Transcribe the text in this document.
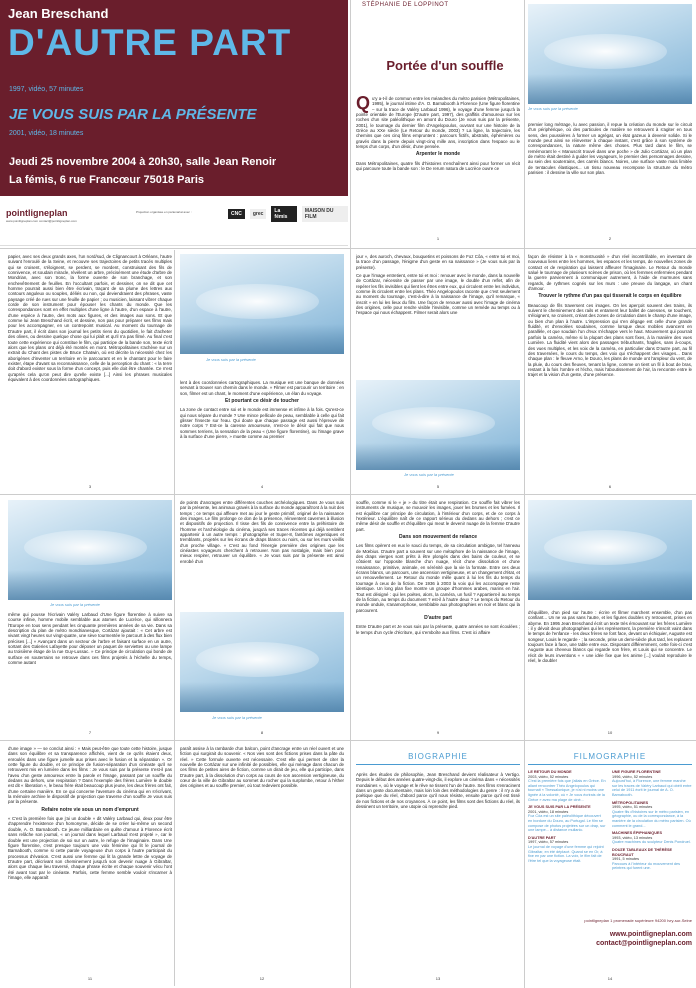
Jean Breschand
D'AUTRE PART
1997, vidéo, 57 minutes
JE VOUS SUIS PAR LA PRÉSENTE
2001, vidéo, 18 minutes
Jeudi 25 novembre 2004 à 20h30, salle Jean Renoir
La fémis, 6 rue Francœur 75018 Paris
pointligneplan
www.pointligneplan.com contact@pointligneplan.com
Projection organisée en partenariat avec :	CNC	grec	La fémis
MAISON DU FILM
STÉPHANIE DE LOPPINOT
Portée d'un souffle

Qu'y a-t-il de commun entre les méandres du métro parisien (Métropolitaines, 1995), le journal intime d'A. O. Barnabooth à Florence (Une figure florentine – sur la trace de Valéry Larbaud 1996), le voyage d'une femme jusqu'à la pointe orientale de l'Europe (D'autre part, 1997), des graffitis d'amoureux sur les roches d'un site paléolithique en amont du Douro (Je vous suis par la présente, 2001), le tournage du dernier film d'Angelopoulos, ouvrant sur une histoire de la Grèce au XXe siècle (Le Retour du monde, 2003) ? La ligne, la trajectoire, les chemins que ces cinq films empruntent : parcours fictifs, abstraits, éphémères ou gravés dans la pierre depuis vingt-cinq mille ans, inscription dans l'espace ou le temps d'un corps, d'un désir, d'une pensée.

Arpenter le monde

Dans Métropolitaines, quatre fils d'histoires s'enchaînent ainsi pour former un récit qui parcoure toute la bande son : le De rerum natura de Lucrèce ouvre ce

1
Je vous suis par la présente

premier long métrage, lu avec passion, il repue la création du monde sur le circuit d'un périphérique, où des particules de matière se retrouvent à s'agiter en tous sens, des poussières à former un agrégat, un état gazeux à devenir solide. Si le monde peut ainsi se réinventer à chaque instant, c'est grâce à son système de correspondances, la nature même des choses. Plus tard dans le film, se remémorant le « Manuscrit trouvé dans une poche » de Julio Cortázar, où un plan de métro était destiné à guider les voyageurs, le premier des personnages dessine, au sein des souterrains, des carrés blancs. Noires, une surface vaste mais limitée de tentacules élastiques... un tissu nouveau recompose la structure du métro parisien : il dessine la ville sur son plan.

2

papier, avec ses deux grands axes, l'un nord/sud, de Clignancourt à Orléans, l'autre suivant l'enroulé de la Seine, et recouvre ses trajectoires de petits tracés multiples qui se croisent, s'éloignent, se perdent, se mordent, construisant des fils de connivence, et soudain miracle, révèlent un arbre, précisément une étude d'arbre de Mondrian, avec son tronc, la forme ouverte de son branchage, et son enchevêtrement de feuilles. En l'occultant parfois, et dessiner, on se dit que cet homme pourrait aussi bien être écrivain, traçant de sa plume des lettres aux contours anguleux ou souples, déliés ou non, qui deviendraient des phrases, vaste paysage créé de rues sur une feuille de papier ; ou musicien, laissant vibrer chaque corde de son instrument pour épouser les chants du monde. Que les correspondances sont en effet multiples d'une ligne à l'autre, d'un espace à l'autre, d'une espèce à l'autre, des mots aux figures, et des images aux sons. Et que comme lui Jean Breschand écrit, et dessine, non pas pour préparer ses films mais pour les accompagner, en un contrepoint musical. Au moment du tournage de D'autre part, il écrit dans son journal les petits riens du quotidien, le fait d'acheter des olives, ou dessine quelque chose qui lui plaît et qu'il n'a pas filmé. Au final c'est toute cette expérience qui constitue le film, qui participe de la bande son, texte écrit alors que les plans ont déjà été montés en mont. Métropolitaines s'achève sur un extrait du Chant des pistes de Bruce Chatwin, où est décrite la nécessité chez les aborigènes d'inventer un territoire en le parcourant et en le chantant pour le faire exister, étape d'avant sa reconnaissance, celle de la perception du chant : « la terre doit d'abord exister sous la forme d'un concept, puis elle doit être chantée. Ce n'est qu'après cela qu'on peut dire qu'elle existe [...] Ainsi les phrases musicales équivalent à des coordonnées cartographiques.

3
Je vous suis par la présente

lent à des coordonnées cartographiques. La musique est une banque de données servant à trouver son chemin dans le monde. » Filmer est parcourir un territoire : en son, filmer est un chant, le moment d'une expérience, un élan du voyage.

Et pourtant ce désir de toucher

La zone de contact entre soi et le monde est immense et infime à la fois. Qu'est-ce qui nous sépare du monde ? Une mince pellicule de peau, semblable à celle qui fait glisser l'insecte sur l'eau. Qui doute que chaque passage est aussi l'épreuve de notre corps ? Est-ce la caresse amoureuse, n'est-ce le désir qui fait que nous sommes terriens, la sensation de la peau « (Une figure florentine), ou l'image grave à la surface d'une pierre, » muette comme au premier

4

jour », des auroch, chevaux, bouquetins et poissons de Foz Côa, « entre toi et moi, la trace d'un passage, l'énigme d'un geste en sa naissance » (Je vous suis par la présente).

Ce que l'image entretient, entre toi et moi : renouer avec le monde, dans la nouvelle de Cortázar, nécessite de passer par une image, le double d'un reflet, afin de repérer les fils invisibles qui lient les êtres entre eux, qui circulent entre les individus, comme ils circulent entre les plans. Théo Angelopoulos raconte que c'est seulement au moment du tournage, c'est-à-dire à la naissance de l'image, qu'il remarque, « inscrit » en lui les lieux du film. Une façon de renouer aussi avec l'image de cinéma des origines, celle pour rendre visible l'invisible, comme un remède au temps ou à l'espace qui nous échappent. Filmer serait alors une

Je vous suis par la présente
5

façon de résister à la « monstruosité » d'un réel incontrôlable, en inventant de nouveaux liens entre les hommes, les espaces et les temps, de nouvelles zones de contact et de respiration qui laissent affleurer l'imaginaire. Le Retour du monde salué le tournage de plusieurs scènes de prison, où les femmes enfermées pendant la guerre parviennent à communiquer autrement, à l'aide de murmures sans regards, de rythmes cognés sur les murs : une preuve du langage, un chant d'amour.

Trouver le rythme d'un pas qui tisserait le corps en équilibre

Beaucoup de fils traversent ces images. On les aperçoit souvent des trains, ils suivent le cheminement des rails et entament leur ballet de caresses, se touchent, s'éloignent, se croisent, créant des zones de circulation dans le champ d'une image, ou bien d'un plan à l'autre. L'impression qui s'en dégage est celle d'une grande fluidité, et d'envolées soudaines, comme lorsque deux mobiles avancent en parallèle, et que soudain l'un d'eux s'échappe vers le haut. Mouvement qui pourrait parfois la caméra, même si la plupart des plans sont fixes, à la manière des vues Lumière. La fluidité vient alors des passages trébuchants, fragiles, sans à-coups, des vues multiples, et les voix de la caméra, en particulier dans D'autre part, au fil des traversées, le cours du temps, des voix qui s'échappent des visages... Dans chaque plan : le fleuve Arno, le Douro, les plans de monde ont l'ampleur du vent, de la pluie, du cours des fleuves, tenant la ligne, comme on tient un fil à bout de bras, restant à la fois l'ombre et l'écho, mais l'aboutissement de l'air, la rencontre entre le trajet et la vision d'un geste, d'une présence.

6
Je vous suis par la présente

même qui pousse l'écrivain Valéry Larbaud d'Une figure florentine à suivre sa course infinie, homme mobile semblable aux atomes de Lucrèce, qui sillonnera l'Europe en tous sens pendant les cinquante premières années de sa vie. Dans sa description du plan de métro mondrianesque, Cortázar ajoutait : « Cet arbre est vivant vingt heures sur vingt-quatre, une sève tourmentée le parcourt à des flux bien précises [...] » Avançant dans un secteur de l'arbre et faisant surface en un autre, sortant des Galeries Lafayette pour déposer un paquet de serviettes ou une lampe au troisième étage de la rue Guy-Lussac. » Ce principe de circulation qui bonde de surface en souterrains se retrouve dans ces films projetés à l'échelle du temps, comme autant

7

de points d'ancrages entre différentes couches archéologiques. Dans Je vous suis par la présente, les animaux gravés à la surface du monde apparaîtront à la nuit des temps ; ce temps qui affleure met au jour le geste primitif, originel de la naissance des images. Le film prolonge ce don de la présence, réinventent cavernes à illusion et dispositifs de projection. Il tisse des fils de connivence entre la préhistoire de l'homme et l'archéologie du cinéma, jusqu'à ses traces récentes qui déjà semblent appartenir à un autre temps : photographie et Super-8, fantômes argentiques et tremblants, projetés sur les écrans de draps blancs ou noirs, ou sur les murs vieillis d'un proche village. « C'est au fond l'énergie première des origines que les cinéastes voyageurs cherchent à retrouver. Non pas nostalgie, mais bien pour mieux respirer, retrouver un équilibre. « Je vous suis par la présente est ainsi enrobé d'un

Je vous suis par la présente
8

souffle, comme si le « je » du titre était une respiration. Ce souffle fait vibrer les instruments de musique, se mouvoir les images, jouer les brumes et les fumées. Il est équilibre car principe de circulation, à l'intérieur d'un corps, et de ce corps à l'extérieur. L'équilibre naît de ce rapport sérieux du dedans au dehors ; c'est ce même désir de souffle et d'équilibre qui meut le devenir nuage de la femme D'autre part.

Dans son mouvement de relance

Les films opèrent en eux le souci du temps, de sa circulation ambigüe, tel l'anneau de Mœbius. D'autre part a souvent sur une métaphore de la naissance de l'image, des draps vierges sont prêts à être plongés dans des bains de couleur, et se côtoient sur l'opposite blanche d'un nuage, récit d'une dissolution et d'une renaissance, primitive, animale, en sérénité que la vie la formate. Entre ces deux écrans blancs, un parcours, une ascension vertigineuse, et un changement d'état, et un renouvellement. Le Retour du monde mêle quant à lui les fils du temps du tournage à ceux de la fiction. De 1936 à 2003 la voix qui les accompagne reste identique. Un long plan fixe montre un groupe d'hommes arabes, marins en l'air. Tout est désigné : qui les poètes, alors, la caméra, un fusil ? Appartient-il au temps de la fiction, au temps du document ? est-il à l'autre deux ? Le temps du Retour du monde ondule, s'anamorphose, semblable aux photographies en noir et blanc qui la parcourent.

D'autre part

Entre D'autre part et Je vous suis par la présente, quatre années se sont écoulées ; le temps d'un cycle d'écriture, qui s'emboîte aux films. C'est ici affaire

9

d'équilibre, d'un pied sur l'autre : écrire et filmer marchent ensemble, d'un pas confiant... Un ne va pas sans l'autre, et les figures doubles s'y retrouvent, prises en abyme. En 1995 Jean Breschand écrit un texte très émouvant sur les frères Lumière : il y dévoit deux photographies qui les représentent, la première s'inscrit vaint dans le temps de l'enfance - les deux frères se font face, devant un échiquier, Auguste est songeur, Louis le regarde - ; la seconde, prise un demi-siècle plus tard, les replacent toujours face à face, une table entre eux. Disposant différemment, cette fois-ci c'est Auguste aux cheveux blancs qui regarde son frère, et Louis qui se concentre. Le récit de leurs inventions « « une idée fixe que les anime [...] voulait reproduire le réel, le doubler

10

d'une image » — se conclut ainsi : « Mais peut-être que toute cette histoire, jusque dans son équilibre et sa transparence affichés, vient de ce qu'ils étaient deux, enroulés dans une figure jumelle aux prises avec le fusion et la séparation ». Or cette figure du double, et ce principe de fusion-séparation d'un cinéaste qu'il se retrouvent mis en lumière dans les films : Je vous suis par la présente n'est-il pas l'aveu d'un geste amoureux entre la parole et l'image, passant par un souffle du dedans au dehors, une respiration ? Dans l'exemple des frères Lumière le double est dit « liberation », le beau frère était beaucoup plus jeune, les deux frères ont fait, d'une certaine manière. En ce qui concerne l'aventure du cinéma qui en s'écrivant, la mémoire archive le dispositif de projection que traverse d'un souffle Je vous suis par la présente.

Refaire notre vie sous un nom d'emprunt

« C'est la première fois que j'ai un double » dit Valéry Larbaud qui, deux pour être d'apprendre l'existence d'un homonyme, décide de se créer lui-même un second double, A. O. Barnabooth. Ce jeune milliardaire en quête d'amour à Florence écrit sans relâche son journal, « un journal dans lequel Larbaud s'est projeté », car le double est une projection de soi sur un autre, le refuge de l'imaginaire. Dans Une figure florentine, c'est presque toujours une voix féminine qui lit le journal de Barnabooth, comme si cette parole voyageuse d'un corps à l'autre participait du processus d'évasion. C'est aussi une femme qui lit la grande lettre de voyage de D'autre part, décrivant son cheminement jusqu'à son devenir nuage à Gibraltar, alors que chaque lieu traversé, chaque phrase écrite et chaque souvenir vécu l'ont été avant tout par le cinéaste. Parfois, cette femme semble vouloir s'incarner à l'image, elle apparaît

11

paraît assise à la rambarde d'un balcon, point d'ancrage entre un réel ouvert et une fiction qui surgirait du souvenir. « Nos vies sont des fictions prises dans la pâte du réel. » Cette formule ouverte est nécessaire. C'est elle qui permet de citer la nouvelle de Cortázar sur une infinité de possibles, elle qui ménage dans chacun de ces films de petites aires de fiction, comme un dirait de jeu, elle qui participe, dans D'autre part, à la dissolution d'un corps au cours de son ascension vertigineuse, du cœur de la ville de Gibraltar au sommet du rocher qui la surplombe, retour à l'éther des origines et au souffle premier, où tout redevient possible.

12
BIOGRAPHIE

Après des études de philosophie, Jean Breschand devient réalisateur à Vertigo. Depuis le début des années quatre-vingt-dix, il explore un cinéma dans « nécessités mondaines », où le voyage et le rêve se tissent l'un de l'autre. Ses films s'enracinent dans un geste documentaire, mais loin loin des méthodologies du genre : il n'y a de poétique que du réel, d'abord parce qu'il nous résiste, ensuite parce qu'il est tissé de nos fictions et de nos croyances. À ce point, les films sont des fictions du réel, ils dessinent un territoire, une utopie où reprendre pied.

13
FILMOGRAPHIE
LE RETOUR DU MONDE
2003, vidéo, 52 minutes
C'est la première fois que j'allais en Grèce. En allant rencontrer Théo Angelopoulos qui tournait « Thessalonique, je n'ai ni moins une lignée à la volonté, où « Je vous écrirais de la Grèce » avec ma plage de ciné...
JE VOUS SUIS PAR LA PRÉSENTE
2001, vidéo, 18 minutes
Foz Côa est un site paléolithique découvert en bordure du Douro, au Portugal. Le film se compose de photos projetées sur un drap, sur une lampe... à distance mullanic.
D'AUTRE PART
1997, vidéo, 57 minutes
Le journal de voyage d'une femme qui rejoint Gibraltar, en été déplacé. Quand se en Or, à fixe en par une fiction. La voix, le film fait de l'être tel que la voyageuse était.
UNE FIGURE FLORENTINE
1996, vidéo, 52 minutes
Aujourd'hui, à Florence, une femme marche sur les traces de Valéry Larbaud qui obéit entre celui de 1911 écrit le journal de A. O. Barnabooth.
MÉTROPOLITAINES
1995, vidéo, 51 minutes
Quatre fils d'histoires sur le métro parisien, en géographie, ou de la correspondance, à la manière de la circulation du métro parisien. Où comment le grand...
MACHINES ÉPIPHANIQUES
1993, vidéo, 13 minutes
Quatre machines du sculpteur Denis Pondruel.
DOUZE TABLEAUX DE THÉRÈSE BOUCRAUT
1991, 5 minutes
Parcours à l'intérieur du mouvement des peintres qui furent une.
pointligneplan 1 promenade supérieure 94200 Ivry-sur-Seine
www.pointligneplan.com
contact@pointligneplan.com
14
